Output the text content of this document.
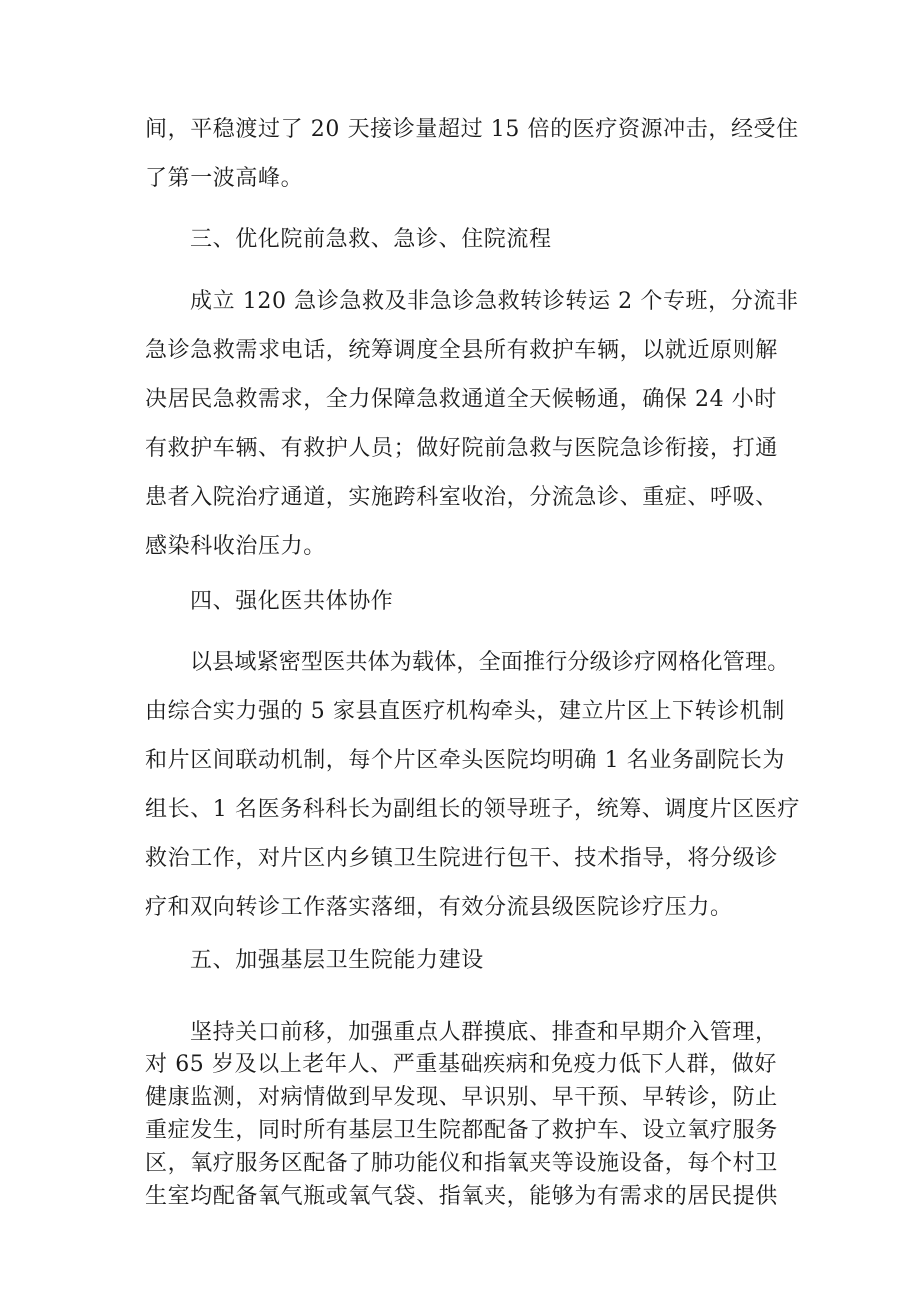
间，平稳渡过了 20 天接诊量超过 15 倍的医疗资源冲击，经受住
了第一波高峰。
三、优化院前急救、急诊、住院流程
成立 120 急诊急救及非急诊急救转诊转运 2 个专班，分流非
急诊急救需求电话，统筹调度全县所有救护车辆，以就近原则解
决居民急救需求，全力保障急救通道全天候畅通，确保 24 小时
有救护车辆、有救护人员；做好院前急救与医院急诊衔接，打通
患者入院治疗通道，实施跨科室收治，分流急诊、重症、呼吸、
感染科收治压力。
四、强化医共体协作
以县域紧密型医共体为载体，全面推行分级诊疗网格化管理。
由综合实力强的 5 家县直医疗机构牵头，建立片区上下转诊机制
和片区间联动机制，每个片区牵头医院均明确 1 名业务副院长为
组长、1 名医务科科长为副组长的领导班子，统筹、调度片区医疗
救治工作，对片区内乡镇卫生院进行包干、技术指导，将分级诊
疗和双向转诊工作落实落细，有效分流县级医院诊疗压力。
五、加强基层卫生院能力建设
坚持关口前移，加强重点人群摸底、排查和早期介入管理，
对 65 岁及以上老年人、严重基础疾病和免疫力低下人群，做好
健康监测，对病情做到早发现、早识别、早干预、早转诊，防止
重症发生，同时所有基层卫生院都配备了救护车、设立氧疗服务
区，氧疗服务区配备了肺功能仪和指氧夹等设施设备，每个村卫
生室均配备氧气瓶或氧气袋、指氧夹，能够为有需求的居民提供
